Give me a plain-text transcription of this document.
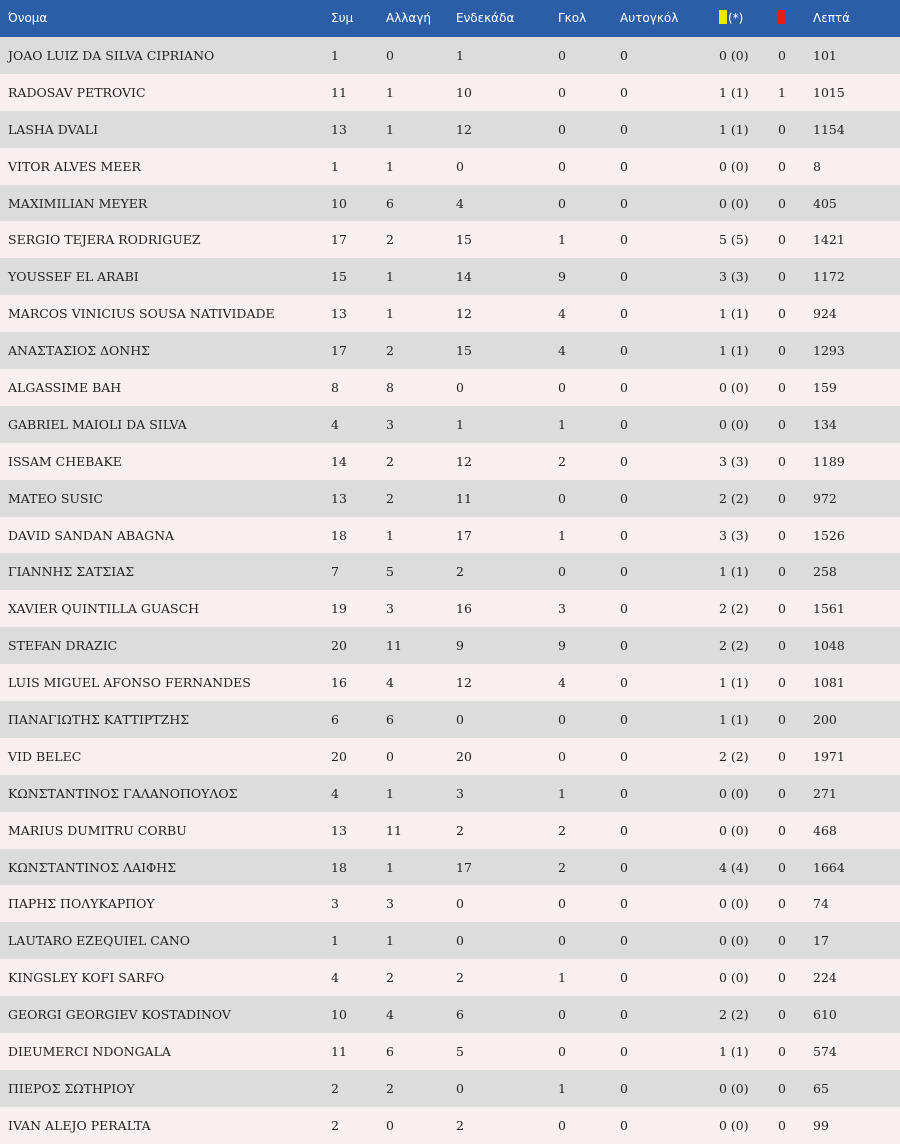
Όνομα	Συμ	Αλλαγή	Ενδεκάδα	Γκολ	Αυτογκόλ	(*)		Λεπτά
JOAO LUIZ DA SILVA CIPRIANO	1	0	1	0	0	0 (0)	0	101
RADOSAV PETROVIC	11	1	10	0	0	1 (1)	1	1015
LASHA DVALI	13	1	12	0	0	1 (1)	0	1154
VITOR ALVES MEER	1	1	0	0	0	0 (0)	0	8
MAXIMILIAN MEYER	10	6	4	0	0	0 (0)	0	405
SERGIO TEJERA RODRIGUEZ	17	2	15	1	0	5 (5)	0	1421
YOUSSEF EL ARABI	15	1	14	9	0	3 (3)	0	1172
MARCOS VINICIUS SOUSA NATIVIDADE	13	1	12	4	0	1 (1)	0	924
ΑΝΑΣΤΑΣΙΟΣ ΔΟΝΗΣ	17	2	15	4	0	1 (1)	0	1293
ALGASSIME BAH	8	8	0	0	0	0 (0)	0	159
GABRIEL MAIOLI DA SILVA	4	3	1	1	0	0 (0)	0	134
ISSAM CHEBAKE	14	2	12	2	0	3 (3)	0	1189
MATEO SUSIC	13	2	11	0	0	2 (2)	0	972
DAVID SANDAN ABAGNA	18	1	17	1	0	3 (3)	0	1526
ΓΙΑΝΝΗΣ ΣΑΤΣΙΑΣ	7	5	2	0	0	1 (1)	0	258
XAVIER QUINTILLA GUASCH	19	3	16	3	0	2 (2)	0	1561
STEFAN DRAZIC	20	11	9	9	0	2 (2)	0	1048
LUIS MIGUEL AFONSO FERNANDES	16	4	12	4	0	1 (1)	0	1081
ΠΑΝΑΓΙΩΤΗΣ ΚΑΤΤΙΡΤΖΗΣ	6	6	0	0	0	1 (1)	0	200
VID BELEC	20	0	20	0	0	2 (2)	0	1971
ΚΩΝΣΤΑΝΤΙΝΟΣ ΓΑΛΑΝΟΠΟΥΛΟΣ	4	1	3	1	0	0 (0)	0	271
MARIUS DUMITRU CORBU	13	11	2	2	0	0 (0)	0	468
ΚΩΝΣΤΑΝΤΙΝΟΣ ΛΑΙΦΗΣ	18	1	17	2	0	4 (4)	0	1664
ΠΑΡΗΣ ΠΟΛΥΚΑΡΠΟΥ	3	3	0	0	0	0 (0)	0	74
LAUTARO EZEQUIEL CANO	1	1	0	0	0	0 (0)	0	17
KINGSLEY KOFI SARFO	4	2	2	1	0	0 (0)	0	224
GEORGI GEORGIEV KOSTADINOV	10	4	6	0	0	2 (2)	0	610
DIEUMERCI NDONGALA	11	6	5	0	0	1 (1)	0	574
ΠΙΕΡΟΣ ΣΩΤΗΡΙΟΥ	2	2	0	1	0	0 (0)	0	65
IVAN ALEJO PERALTA	2	0	2	0	0	0 (0)	0	99
